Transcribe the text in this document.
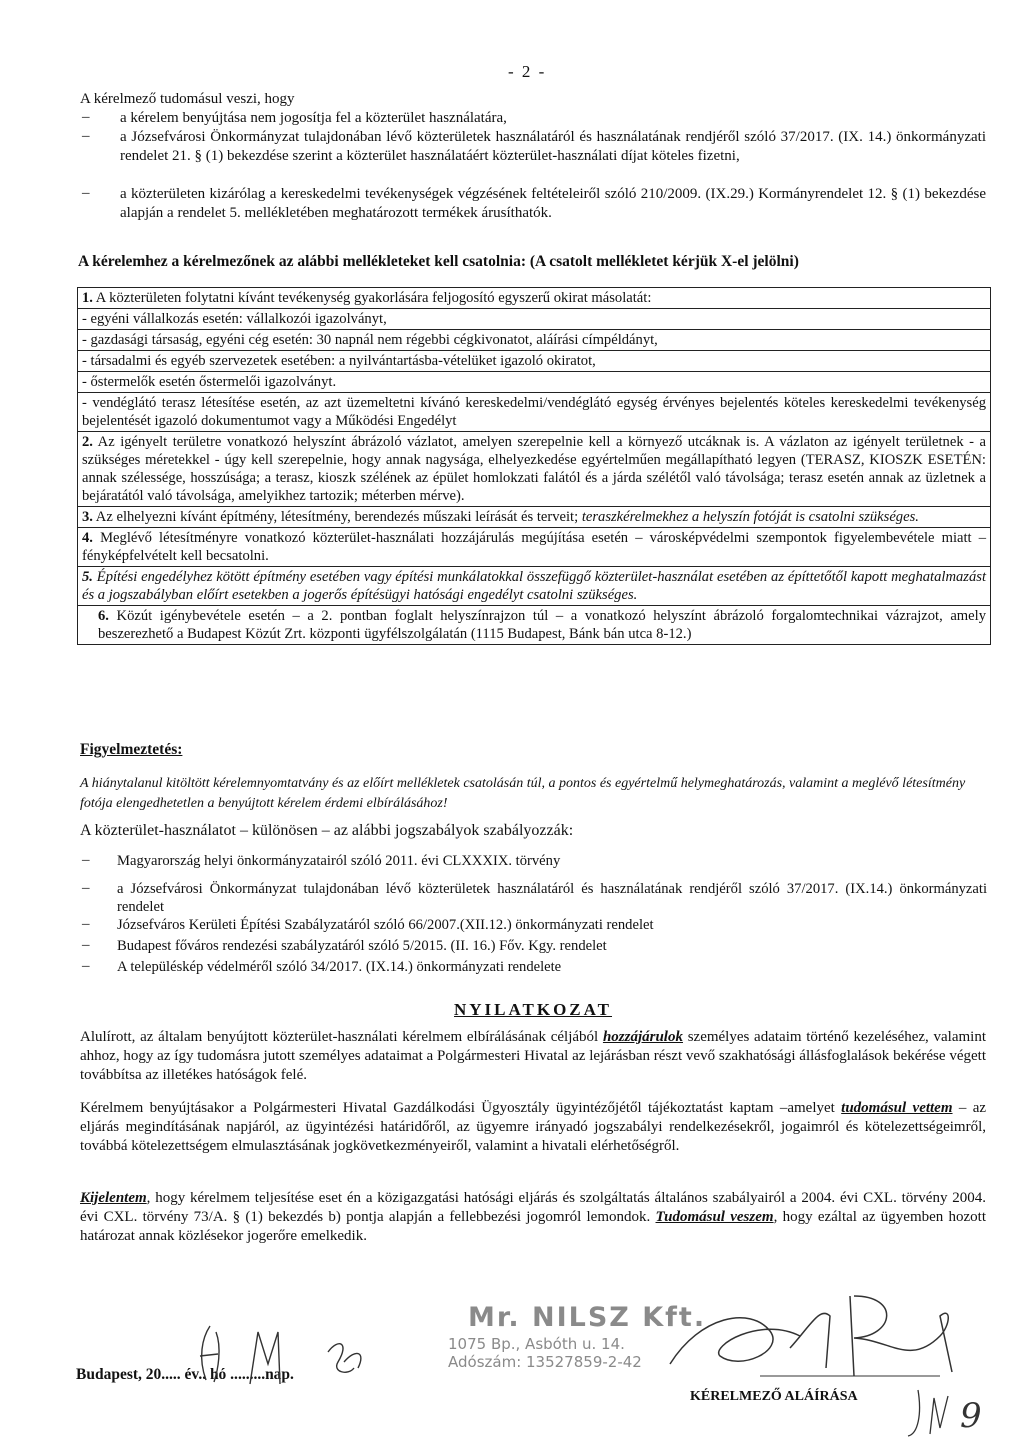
- 2 -
A kérelmező tudomásul veszi, hogy
– a kérelem benyújtása nem jogosítja fel a közterület használatára,
– a Józsefvárosi Önkormányzat tulajdonában lévő közterületek használatáról és használatának rendjéről szóló 37/2017. (IX. 14.) önkormányzati rendelet 21. § (1) bekezdése szerint a közterület használatáért közterület-használati díjat köteles fizetni,
– a közterületen kizárólag a kereskedelmi tevékenységek végzésének feltételeiről szóló 210/2009. (IX.29.) Kormányrendelet 12. § (1) bekezdése alapján a rendelet 5. mellékletében meghatározott termékek árusíthatók.
A kérelemhez a kérelmezőnek az alábbi mellékleteket kell csatolnia: (A csatolt mellékletet kérjük X-el jelölni)
1. A közterületen folytatni kívánt tevékenység gyakorlására feljogosító egyszerű okirat másolatát:
- egyéni vállalkozás esetén: vállalkozói igazolványt,
- gazdasági társaság, egyéni cég esetén: 30 napnál nem régebbi cégkivonatot, aláírási címpéldányt,
- társadalmi és egyéb szervezetek esetében: a nyilvántartásba-vételüket igazoló okiratot,
- őstermelők esetén őstermelői igazolványt.
- vendéglátó terasz létesítése esetén, az azt üzemeltetni kívánó kereskedelmi/vendéglátó egység érvényes bejelentés köteles kereskedelmi tevékenység bejelentését igazoló dokumentumot vagy a Működési Engedélyt
2. Az igényelt területre vonatkozó helyszínt ábrázoló vázlatot, amelyen szerepelnie kell a környező utcáknak is. A vázlaton az igényelt területnek - a szükséges méretekkel - úgy kell szerepelnie, hogy annak nagysága, elhelyezkedése egyértelműen megállapítható legyen (TERASZ, KIOSZK ESETÉN: annak szélessége, hosszúsága; a terasz, kioszk szélének az épület homlokzati falától és a járda szélétől való távolsága; terasz esetén annak az üzletnek a bejáratától való távolsága, amelyikhez tartozik; méterben mérve).
3. Az elhelyezni kívánt építmény, létesítmény, berendezés műszaki leírását és terveit; teraszkérelmekhez a helyszín fotóját is csatolni szükséges.
4. Meglévő létesítményre vonatkozó közterület-használati hozzájárulás megújítása esetén – városképvédelmi szempontok figyelembevétele miatt – fényképfelvételt kell becsatolni.
5. Építési engedélyhez kötött építmény esetében vagy építési munkálatokkal összefüggő közterület-használat esetében az építtetőtől kapott meghatalmazást és a jogszabályban előírt esetekben a jogerős építésügyi hatósági engedélyt csatolni szükséges.
6. Közút igénybevétele esetén – a 2. pontban foglalt helyszínrajzon túl – a vonatkozó helyszínt ábrázoló forgalomtechnikai vázrajzot, amely beszerezhető a Budapest Közút Zrt. központi ügyfélszolgálatán (1115 Budapest, Bánk bán utca 8-12.)
Figyelmeztetés:
A hiánytalanul kitöltött kérelemnyomtatvány és az előírt mellékletek csatolásán túl, a pontos és egyértelmű helymeghatározás, valamint a meglévő létesítmény fotója elengedhetetlen a benyújtott kérelem érdemi elbírálásához!
A közterület-használatot – különösen – az alábbi jogszabályok szabályozzák:
– Magyarország helyi önkormányzatairól szóló 2011. évi CLXXXIX. törvény
– a Józsefvárosi Önkormányzat tulajdonában lévő közterületek használatáról és használatának rendjéről szóló 37/2017. (IX.14.) önkormányzati rendelet
– Józsefváros Kerületi Építési Szabályzatáról szóló 66/2007.(XII.12.) önkormányzati rendelet
– Budapest főváros rendezési szabályzatáról szóló 5/2015. (II. 16.) Főv. Kgy. rendelet
– A településkép védelméről szóló 34/2017. (IX.14.) önkormányzati rendelete
NYILATKOZAT
Alulírott, az általam benyújtott közterület-használati kérelmem elbírálásának céljából hozzájárulok személyes adataim történő kezeléséhez, valamint ahhoz, hogy az így tudomásra jutott személyes adataimat a Polgármesteri Hivatal az lejárásban részt vevő szakhatósági állásfoglalások bekérése végett továbbítsa az illetékes hatóságok felé.
Kérelmem benyújtásakor a Polgármesteri Hivatal Gazdálkodási Ügyosztály ügyintézőjétől tájékoztatást kaptam –amelyet tudomásul vettem – az eljárás megindításának napjáról, az ügyintézési határidőről, az ügyemre irányadó jogszabályi rendelkezésekről, jogaimról és kötelezettségeimről, továbbá kötelezettségem elmulasztásának jogkövetkezményeiről, valamint a hivatali elérhetőségről.
Kijelentem, hogy kérelmem teljesítése eset én a közigazgatási hatósági eljárás és szolgáltatás általános szabályairól a 2004. évi CXL. törvény 2004. évi CXL. törvény 73/A. § (1) bekezdés b) pontja alapján a fellebbezési jogomról lemondok. Tudomásul veszem, hogy ezáltal az ügyemben hozott határozat annak közlésekor jogerőre emelkedik.
Budapest, 20..... év.. hó .........nap.
Mr. NILSZ Kft.
1075 Bp., Asbóth u. 14.
Adószám: 13527859-2-42
KÉRELMEZŐ ALÁÍRÁSA	9
